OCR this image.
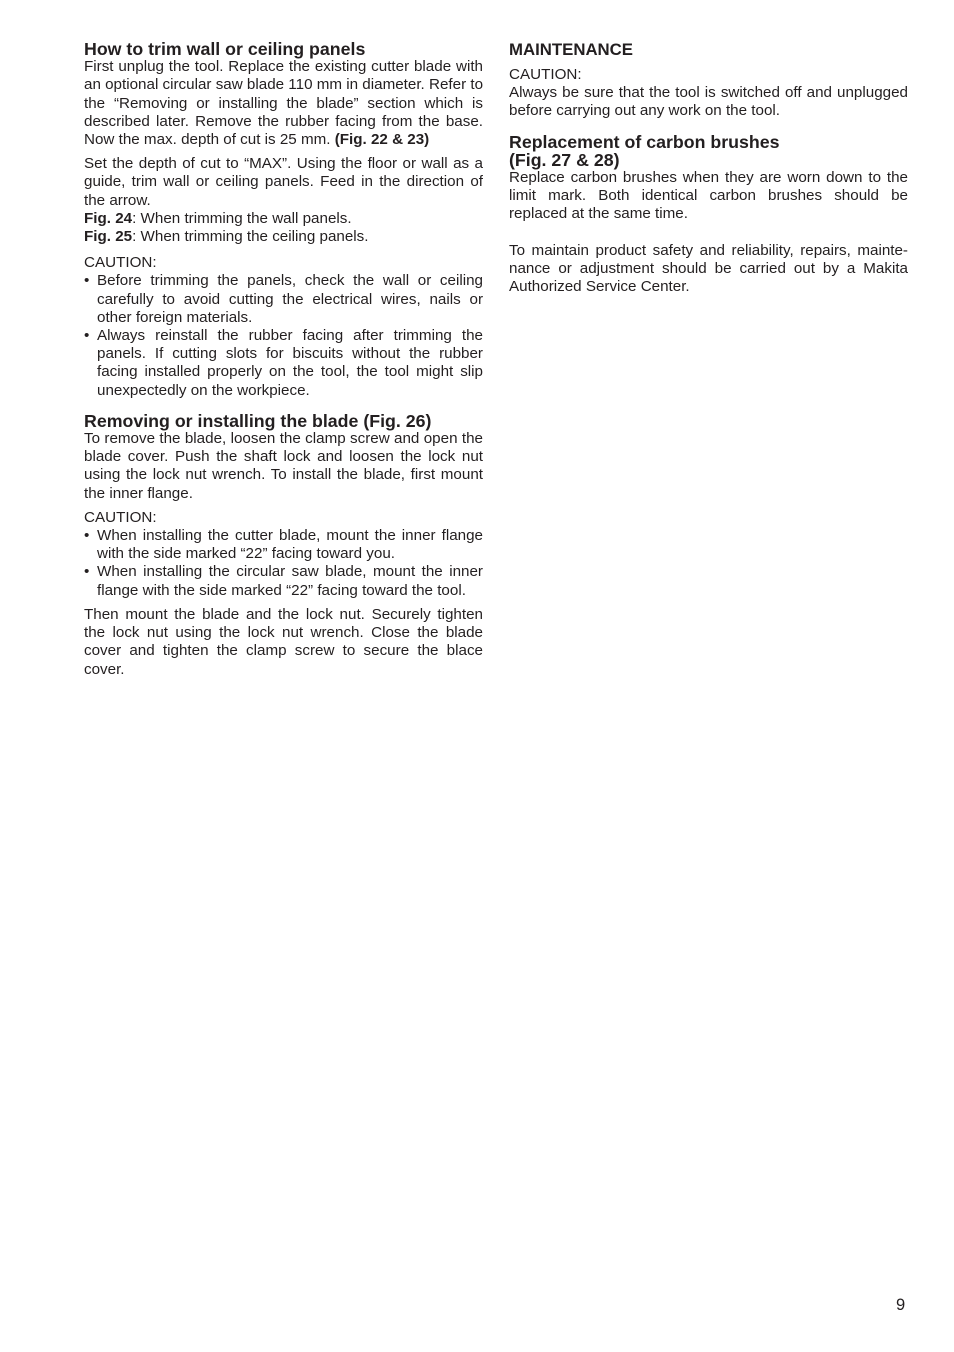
How to trim wall or ceiling panels

First unplug the tool. Replace the existing cutter blade with an optional circular saw blade 110 mm in diameter. Refer to the “Removing or installing the blade” section which is described later. Remove the rubber facing from the base. Now the max. depth of cut is 25 mm. (Fig. 22 & 23)

Set the depth of cut to “MAX”. Using the floor or wall as a guide, trim wall or ceiling panels. Feed in the direction of the arrow.

Fig. 24: When trimming the wall panels.

Fig. 25: When trimming the ceiling panels.

CAUTION:

• Before trimming the panels, check the wall or ceiling carefully to avoid cutting the electrical wires, nails or other foreign materials.
• Always reinstall the rubber facing after trimming the panels. If cutting slots for biscuits without the rubber facing installed properly on the tool, the tool might slip unexpectedly on the workpiece.
Removing or installing the blade (Fig. 26)

To remove the blade, loosen the clamp screw and open the blade cover. Push the shaft lock and loosen the lock nut using the lock nut wrench. To install the blade, first mount the inner flange.

CAUTION:

• When installing the cutter blade, mount the inner flange with the side marked “22” facing toward you.
• When installing the circular saw blade, mount the inner flange with the side marked “22” facing toward the tool.

Then mount the blade and the lock nut. Securely tighten the lock nut using the lock nut wrench. Close the blade cover and tighten the clamp screw to secure the blace cover.

MAINTENANCE

CAUTION:

Always be sure that the tool is switched off and unplugged before carrying out any work on the tool.

Replacement of carbon brushes
(Fig. 27 & 28)

Replace carbon brushes when they are worn down to the limit mark. Both identical carbon brushes should be replaced at the same time.

To maintain product safety and reliability, repairs, mainte-nance or adjustment should be carried out by a Makita Authorized Service Center.

9
